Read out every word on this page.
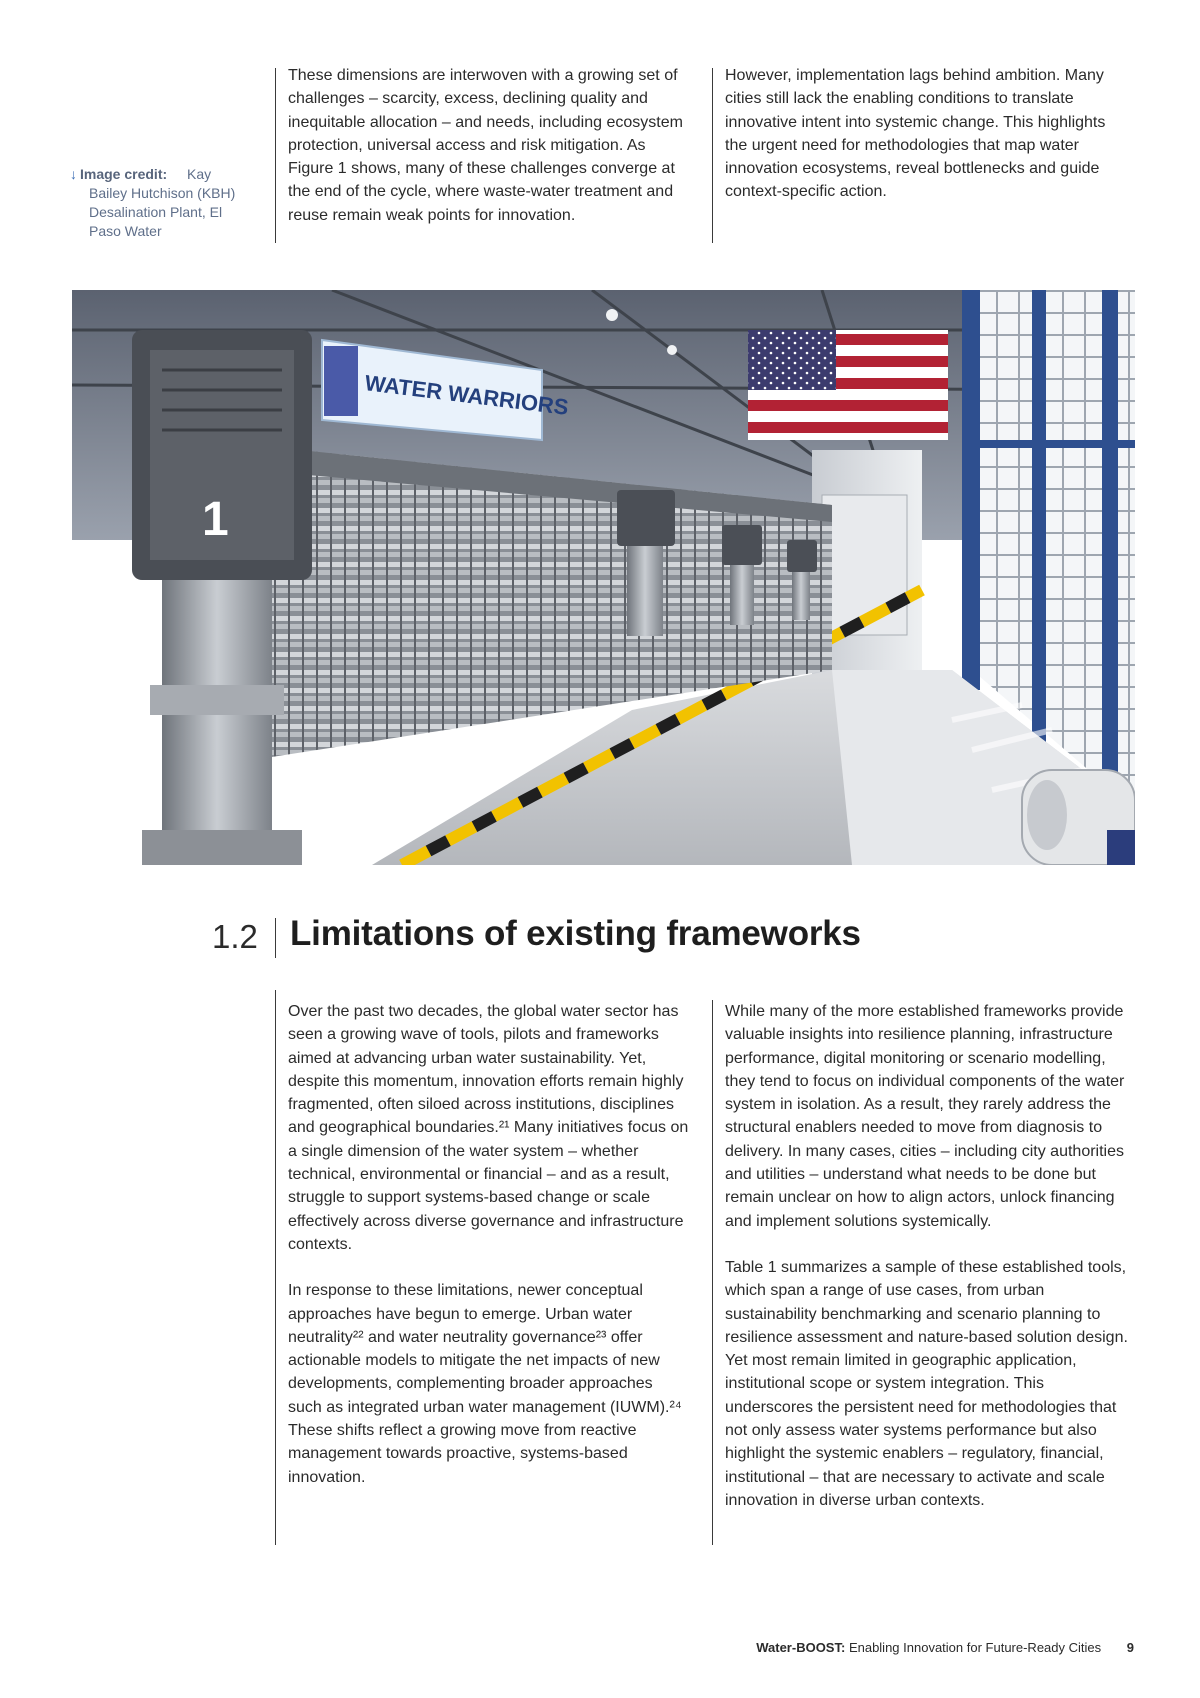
↓ Image credit:	Kay Bailey Hutchison (KBH) Desalination Plant, El Paso Water

These dimensions are interwoven with a growing set of challenges – scarcity, excess, declining quality and inequitable allocation – and needs, including ecosystem protection, universal access and risk mitigation. As Figure 1 shows, many of these challenges converge at the end of the cycle, where waste-water treatment and reuse remain weak points for innovation.

However, implementation lags behind ambition. Many cities still lack the enabling conditions to translate innovative intent into systemic change. This highlights the urgent need for methodologies that map water innovation ecosystems, reveal bottlenecks and guide context-specific action.

WATER WARRIORS
1
1.2 Limitations of existing frameworks

Over the past two decades, the global water sector has seen a growing wave of tools, pilots and frameworks aimed at advancing urban water sustainability. Yet, despite this momentum, innovation efforts remain highly fragmented, often siloed across institutions, disciplines and geographical boundaries.²¹ Many initiatives focus on a single dimension of the water system – whether technical, environmental or financial – and as a result, struggle to support systems-based change or scale effectively across diverse governance and infrastructure contexts.

In response to these limitations, newer conceptual approaches have begun to emerge. Urban water neutrality²² and water neutrality governance²³ offer actionable models to mitigate the net impacts of new developments, complementing broader approaches such as integrated urban water management (IUWM).²⁴ These shifts reflect a growing move from reactive management towards proactive, systems-based innovation.

While many of the more established frameworks provide valuable insights into resilience planning, infrastructure performance, digital monitoring or scenario modelling, they tend to focus on individual components of the water system in isolation. As a result, they rarely address the structural enablers needed to move from diagnosis to delivery. In many cases, cities – including city authorities and utilities – understand what needs to be done but remain unclear on how to align actors, unlock financing and implement solutions systemically.

Table 1 summarizes a sample of these established tools, which span a range of use cases, from urban sustainability benchmarking and scenario planning to resilience assessment and nature-based solution design. Yet most remain limited in geographic application, institutional scope or system integration. This underscores the persistent need for methodologies that not only assess water systems performance but also highlight the systemic enablers – regulatory, financial, institutional – that are necessary to activate and scale innovation in diverse urban contexts.

Water-BOOST: Enabling Innovation for Future-Ready Cities 9
